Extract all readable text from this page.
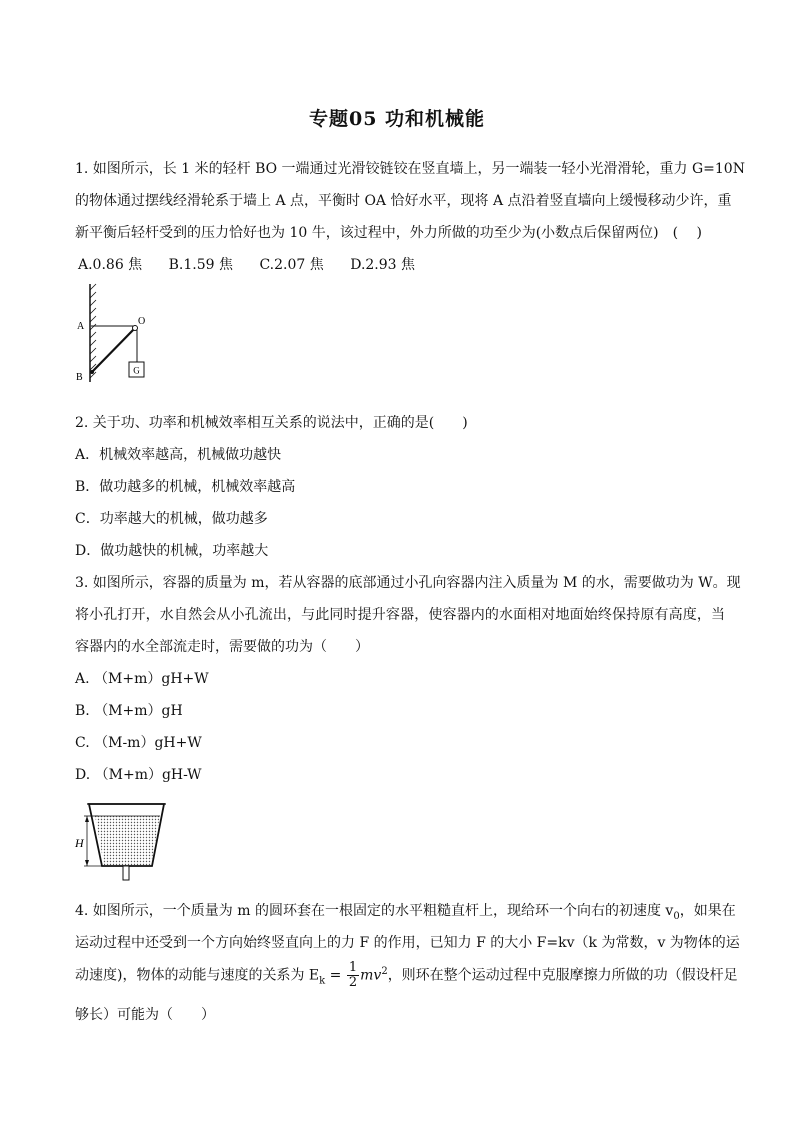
专题05 功和机械能
1. 如图所示，长 1 米的轻杆 BO 一端通过光滑铰链铰在竖直墙上，另一端装一轻小光滑滑轮，重力 G=10N
的物体通过摆线经滑轮系于墙上 A 点，平衡时 OA 恰好水平，现将 A 点沿着竖直墙向上缓慢移动少许，重
新平衡后轻杆受到的压力恰好也为 10 牛，该过程中，外力所做的功至少为(小数点后保留两位)　(　 )
A.0.86 焦 B.1.59 焦 C.2.07 焦 D.2.93 焦
G
A
B
O
2. 关于功、功率和机械效率相互关系的说法中，正确的是(　　)
A．机械效率越高，机械做功越快
B．做功越多的机械，机械效率越高
C．功率越大的机械，做功越多
D．做功越快的机械，功率越大
3. 如图所示，容器的质量为 m，若从容器的底部通过小孔向容器内注入质量为 M 的水，需要做功为 W。现
将小孔打开，水自然会从小孔流出，与此同时提升容器，使容器内的水面相对地面始终保持原有高度，当
容器内的水全部流走时，需要做的功为（　　）
A. （M+m）gH+W
B. （M+m）gH
C. （M-m）gH+W
D. （M+m）gH-W
H
4. 如图所示，一个质量为 m 的圆环套在一根固定的水平粗糙直杆上，现给环一个向右的初速度 $v_0$，如果在
运动过程中还受到一个方向始终竖直向上的力 F 的作用，已知力 F 的大小 F=kv（k 为常数，v 为物体的运
动速度)，物体的动能与速度的关系为 $E_k = \frac{1}{2} mv^2$，则环在整个运动过程中克服摩擦力所做的功（假设杆足
够长）可能为（　　）
